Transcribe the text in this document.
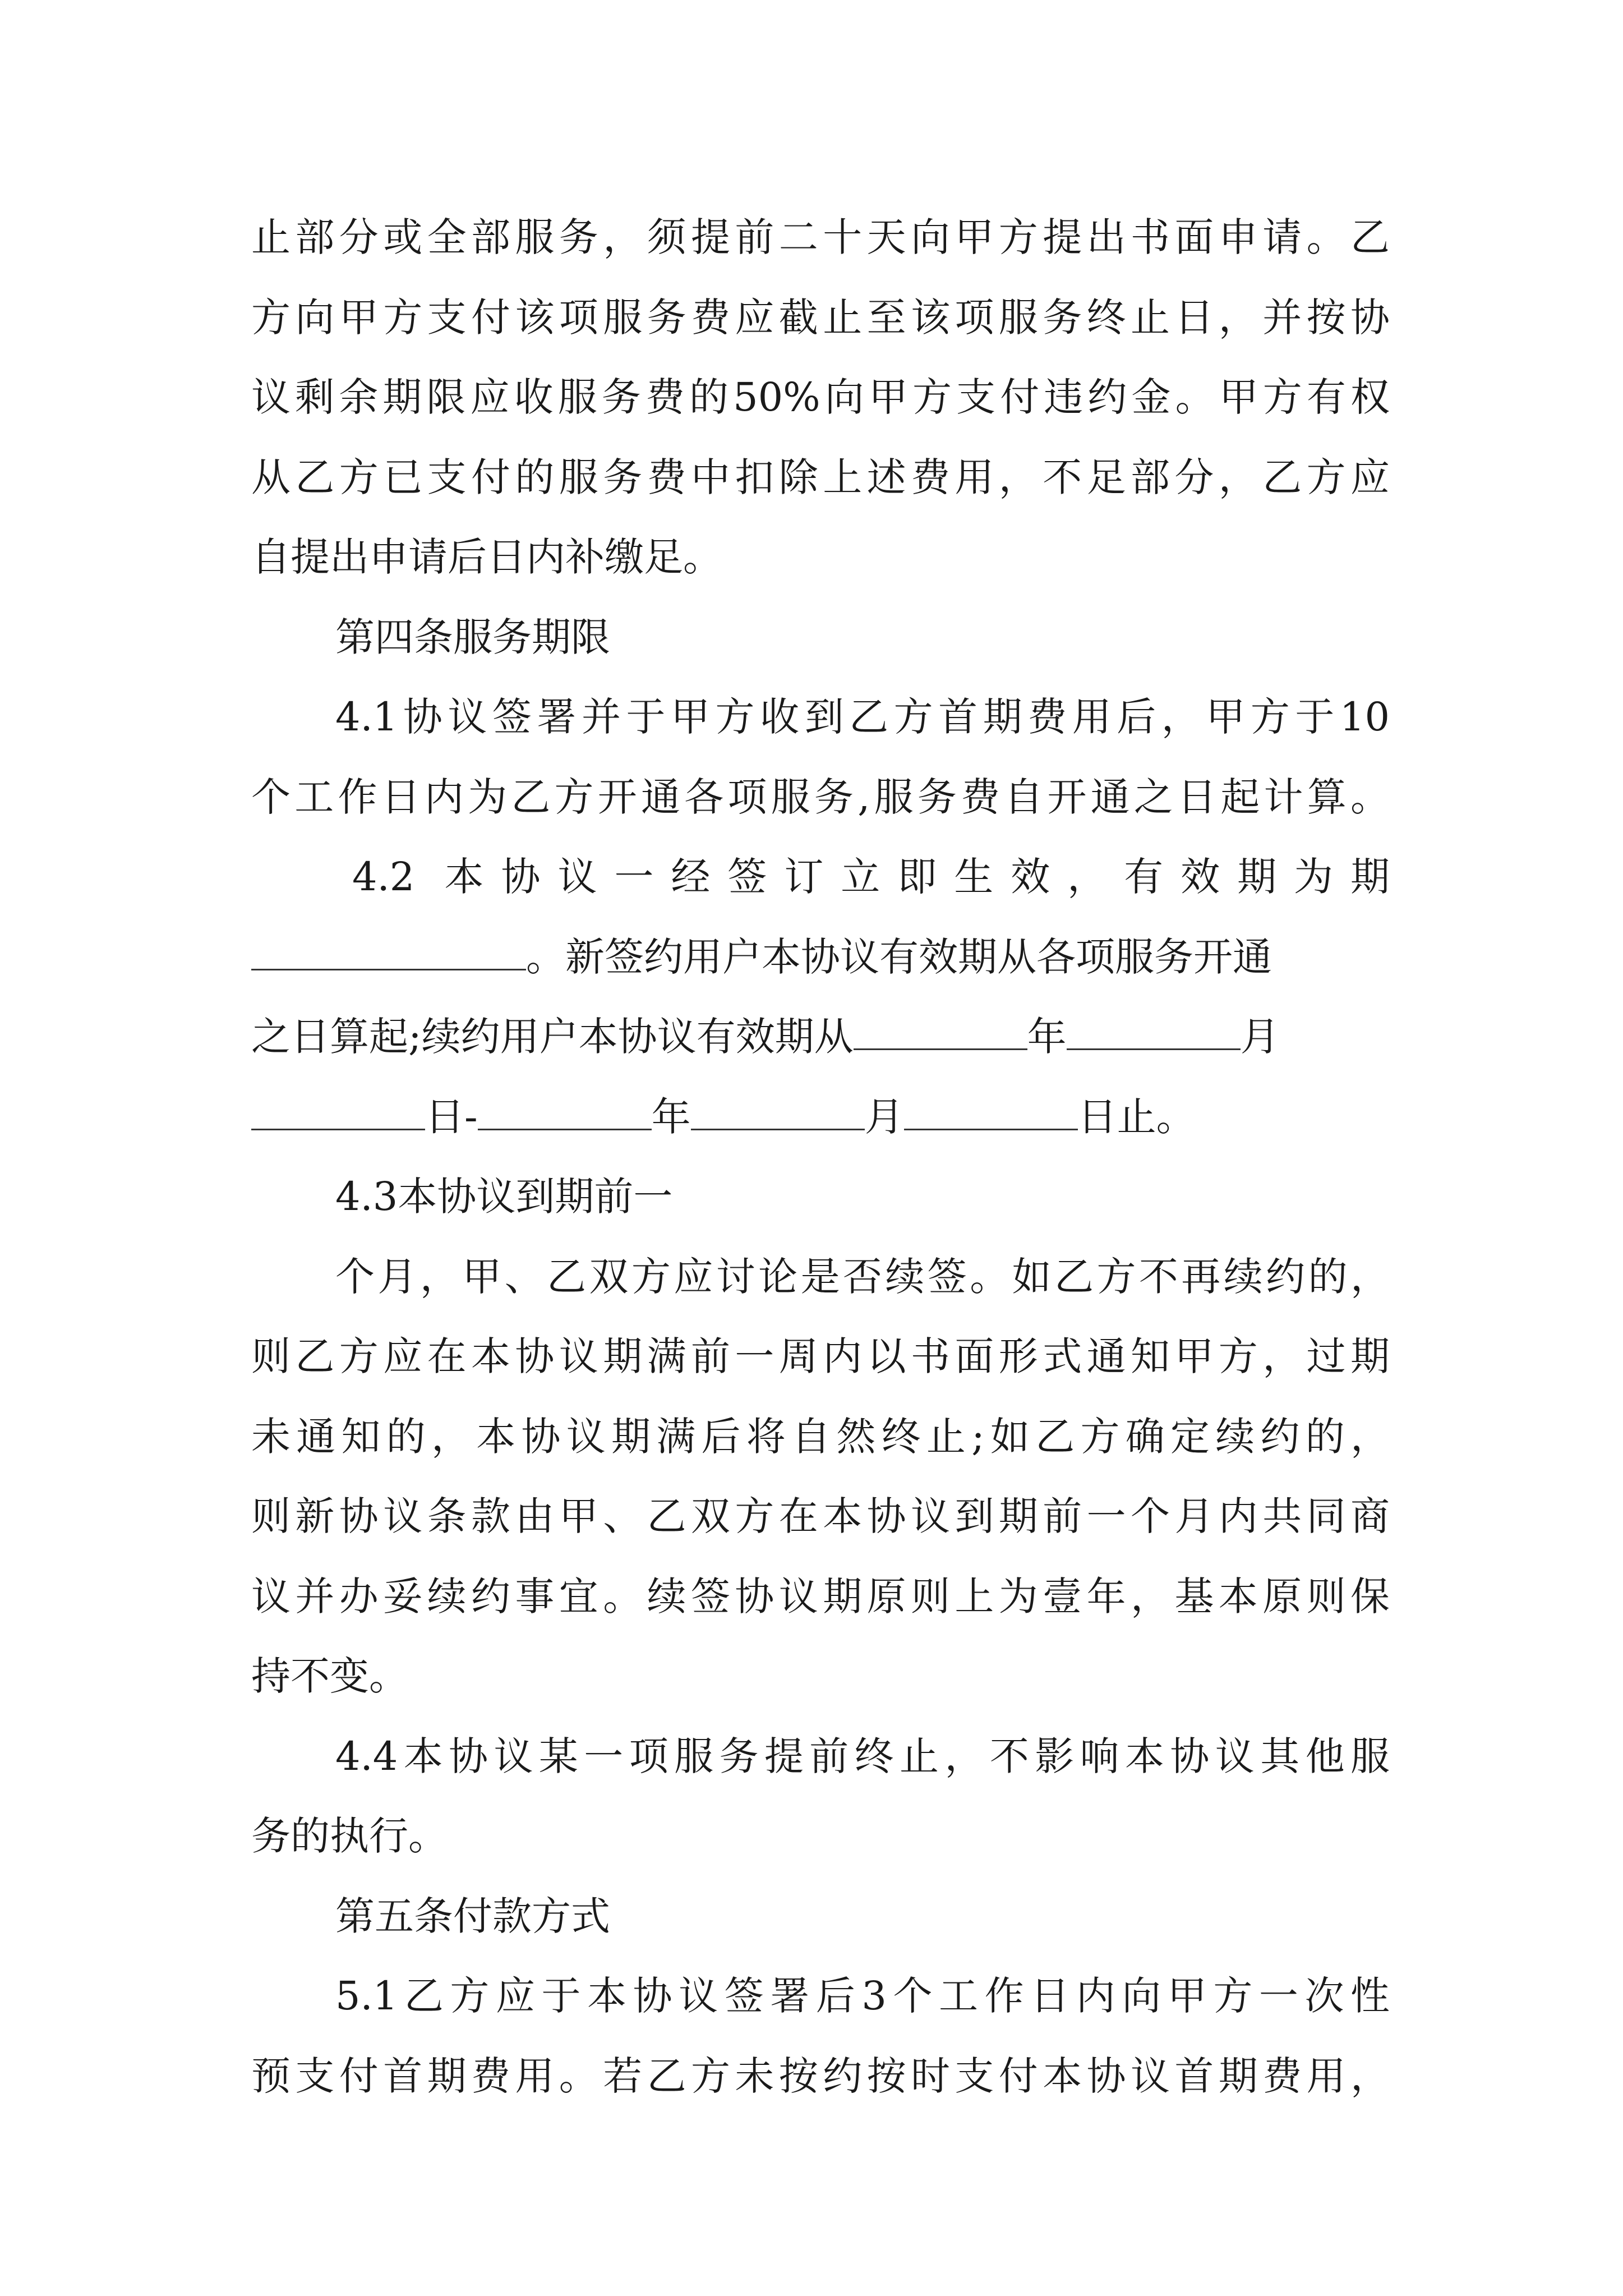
止部分或全部服务，须提前二十天向甲方提出书面申请。乙
方向甲方支付该项服务费应截止至该项服务终止日，并按协
议剩余期限应收服务费的50%向甲方支付违约金。甲方有权
从乙方已支付的服务费中扣除上述费用，不足部分，乙方应
自提出申请后日内补缴足。
第四条服务期限
4.1协议签署并于甲方收到乙方首期费用后，甲方于10
个工作日内为乙方开通各项服务,服务费自开通之日起计算。
4.2 本协议一经签订立即生效，有效期为期
。新签约用户本协议有效期从各项服务开通
之日算起;续约用户本协议有效期从	年	月
日-	年	月	日止。
4.3本协议到期前一
个月，甲、乙双方应讨论是否续签。如乙方不再续约的，
则乙方应在本协议期满前一周内以书面形式通知甲方，过期
未通知的，本协议期满后将自然终止;如乙方确定续约的，
则新协议条款由甲、乙双方在本协议到期前一个月内共同商
议并办妥续约事宜。续签协议期原则上为壹年，基本原则保
持不变。
4.4本协议某一项服务提前终止，不影响本协议其他服
务的执行。
第五条付款方式
5.1乙方应于本协议签署后3个工作日内向甲方一次性
预支付首期费用。若乙方未按约按时支付本协议首期费用，
